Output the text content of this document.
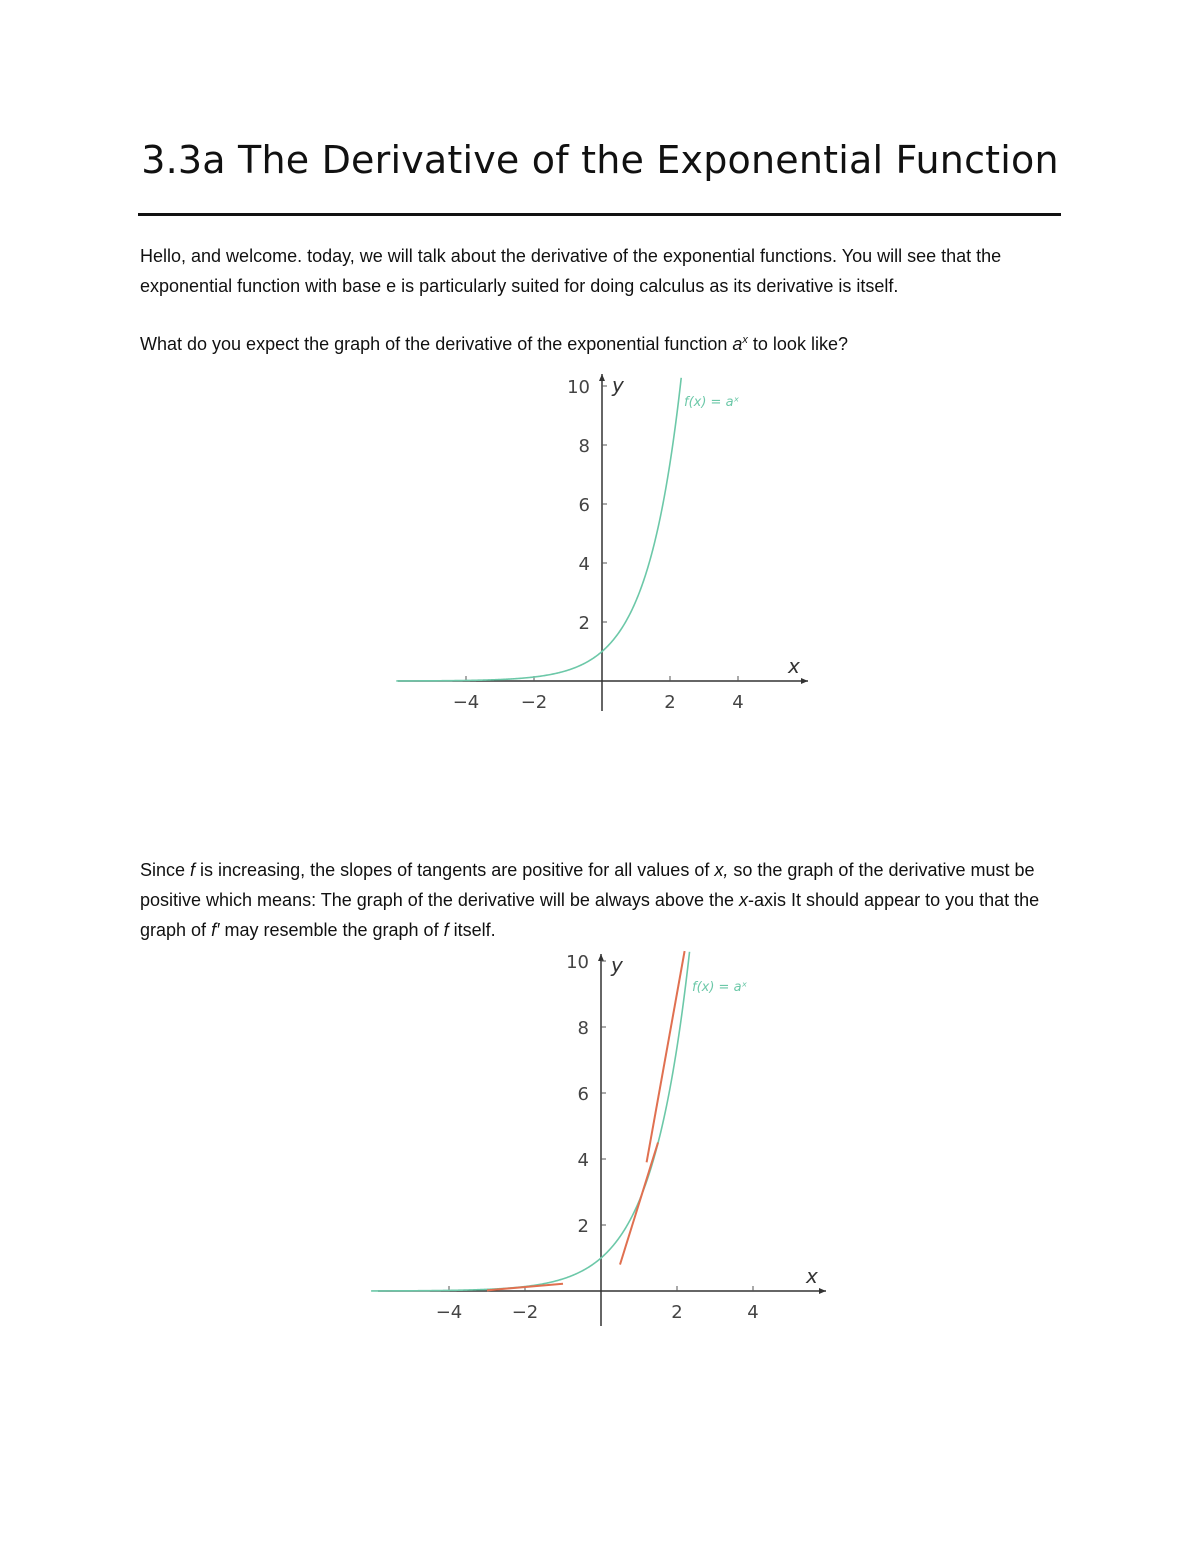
3.3a The Derivative of the Exponential Function

Hello, and welcome. today, we will talk about the derivative of the exponential functions. You will see that the exponential function with base e is particularly suited for doing calculus as its derivative is itself.

What do you expect the graph of the derivative of the exponential function $a^x$ to look like?

2
4
6
8
10
−4 −2	2	4
y
x
f(x) = aˣ

Since f is increasing, the slopes of tangents are positive for all values of x, so the graph of the derivative must be positive which means: The graph of the derivative will be always above the x-axis It should appear to you that the graph of f′ may resemble the graph of f itself.

2
4
6
8
10
−4	−2	2	4
y
x
f(x) = aˣ
